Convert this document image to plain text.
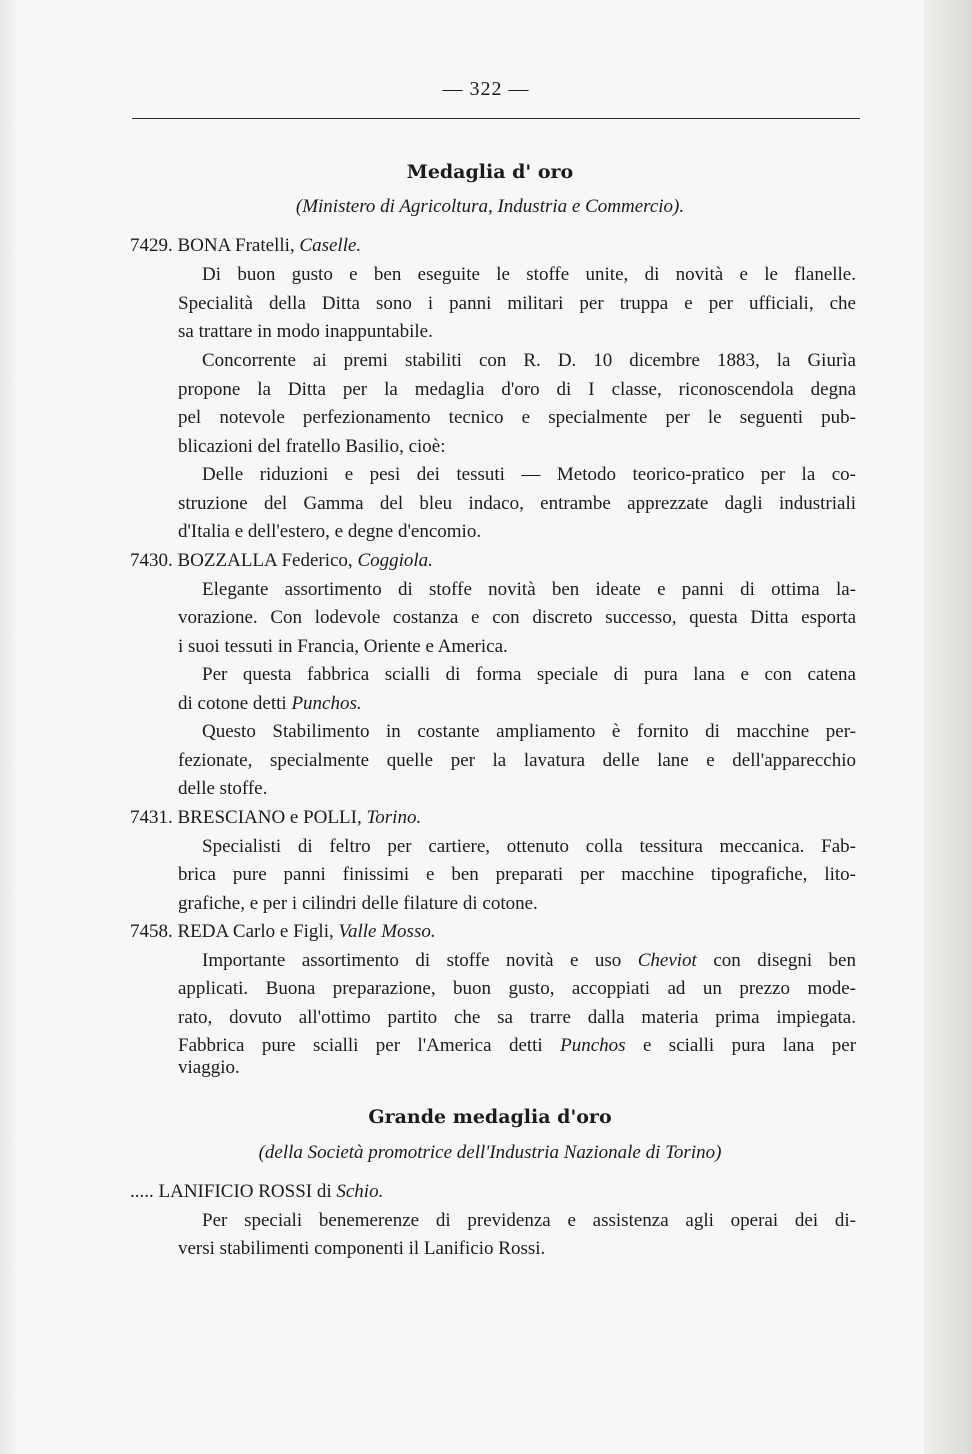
— 322 —
Medaglia d' oro
(Ministero di Agricoltura, Industria e Commercio).
7429. BONA Fratelli, Caselle.
Di buon gusto e ben eseguite le stoffe unite, di novità e le flanelle.
Specialità della Ditta sono i panni militari per truppa e per ufficiali, che
sa trattare in modo inappuntabile.
Concorrente ai premi stabiliti con R. D. 10 dicembre 1883, la Giurìa
propone la Ditta per la medaglia d'oro di I classe, riconoscendola degna
pel notevole perfezionamento tecnico e specialmente per le seguenti pub-
blicazioni del fratello Basilio, cioè:
Delle riduzioni e pesi dei tessuti — Metodo teorico-pratico per la co-
struzione del Gamma del bleu indaco, entrambe apprezzate dagli industriali
d'Italia e dell'estero, e degne d'encomio.
7430. BOZZALLA Federico, Coggiola.
Elegante assortimento di stoffe novità ben ideate e panni di ottima la-
vorazione. Con lodevole costanza e con discreto successo, questa Ditta esporta
i suoi tessuti in Francia, Oriente e America.
Per questa fabbrica scialli di forma speciale di pura lana e con catena
di cotone detti Punchos.
Questo Stabilimento in costante ampliamento è fornito di macchine per-
fezionate, specialmente quelle per la lavatura delle lane e dell'apparecchio
delle stoffe.
7431. BRESCIANO e POLLI, Torino.
Specialisti di feltro per cartiere, ottenuto colla tessitura meccanica. Fab-
brica pure panni finissimi e ben preparati per macchine tipografiche, lito-
grafiche, e per i cilindri delle filature di cotone.
7458. REDA Carlo e Figli, Valle Mosso.
Importante assortimento di stoffe novità e uso Cheviot con disegni ben
applicati. Buona preparazione, buon gusto, accoppiati ad un prezzo mode-
rato, dovuto all'ottimo partito che sa trarre dalla materia prima impiegata.
Fabbrica pure scialli per l'America detti Punchos e scialli pura lana per
viaggio.
Grande medaglia d'oro
(della Società promotrice dell'Industria Nazionale di Torino)
..... LANIFICIO ROSSI di Schio.
Per speciali benemerenze di previdenza e assistenza agli operai dei di-
versi stabilimenti componenti il Lanificio Rossi.
